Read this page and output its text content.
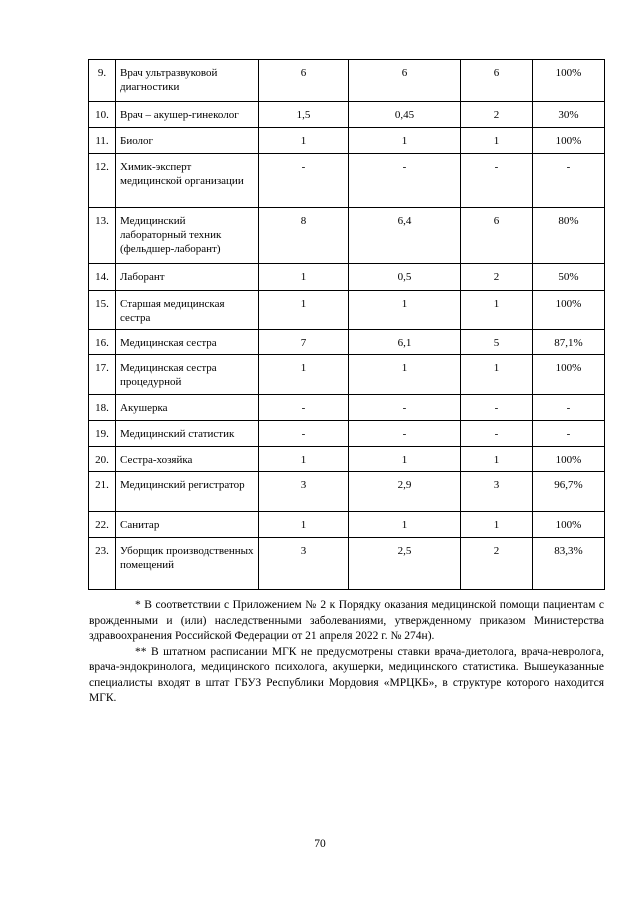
9.	Врач ультразвуковой диагностики	6	6	6	100%
10.	Врач – акушер-гинеколог	1,5	0,45	2	30%
11.	Биолог	1	1	1	100%
12.	Химик-эксперт медицинской организации	-	-	-	-
13.	Медицинский лабораторный техник (фельдшер-лаборант)	8	6,4	6	80%
14.	Лаборант	1	0,5	2	50%
15.	Старшая медицинская сестра	1	1	1	100%
16.	Медицинская сестра	7	6,1	5	87,1%
17.	Медицинская сестра процедурной	1	1	1	100%
18.	Акушерка	-	-	-	-
19.	Медицинский статистик	-	-	-	-
20.	Сестра-хозяйка	1	1	1	100%
21.	Медицинский регистратор	3	2,9	3	96,7%
22.	Санитар	1	1	1	100%
23.	Уборщик производственных помещений	3	2,5	2	83,3%

* В соответствии с Приложением № 2 к Порядку оказания медицинской помощи пациентам с врожденными и (или) наследственными заболеваниями, утвержденному приказом Министерства здравоохранения Российской Федерации от 21 апреля 2022 г. № 274н).

** В штатном расписании МГК не предусмотрены ставки врача-диетолога, врача-невролога, врача-эндокринолога, медицинского психолога, акушерки, медицинского статистика. Вышеуказанные специалисты входят в штат ГБУЗ Республики Мордовия «МРЦКБ», в структуре которого находится МГК.

70
